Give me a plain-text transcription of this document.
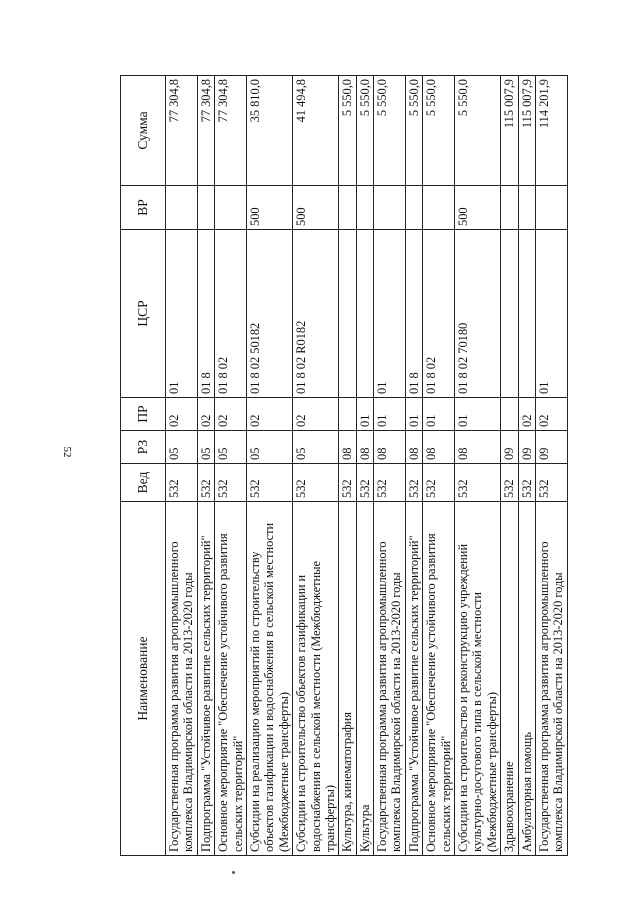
52
Наименование	Вед	РЗ	ПР	ЦСР	ВР	Сумма
Государственная программа развития агропромышленного комплекса Владимирской области на 2013-2020 годы	532	05	02	01		77 304,8
Подпрограмма "Устойчивое развитие сельских территорий"	532	05	02	01 8		77 304,8
Основное мероприятие "Обеспечение устойчивого развития сельских территорий"	532	05	02	01 8 02		77 304,8
Субсидии на реализацию мероприятий по строительству объектов газификации и водоснабжения в сельской местности (Межбюджетные трансферты)	532	05	02	01 8 02 50182	500	35 810,0
Субсидии на строительство объектов газификации и водоснабжения в сельской местности (Межбюджетные трансферты)	532	05	02	01 8 02 R0182	500	41 494,8
Культура, кинематография	532	08				5 550,0
Культура	532	08	01			5 550,0
Государственная программа развития агропромышленного комплекса Владимирской области на 2013-2020 годы	532	08	01	01		5 550,0
Подпрограмма "Устойчивое развитие сельских территорий"	532	08	01	01 8		5 550,0
Основное мероприятие "Обеспечение устойчивого развития сельских территорий"	532	08	01	01 8 02		5 550,0
Субсидии на строительство и реконструкцию учреждений культурно-досугового типа в сельской местности (Межбюджетные трансферты)	532	08	01	01 8 02 70180	500	5 550,0
Здравоохранение	532	09				115 007,9
Амбулаторная помощь	532	09	02			115 007,9
Государственная программа развития агропромышленного комплекса Владимирской области на 2013-2020 годы	532	09	02	01		114 201,9
